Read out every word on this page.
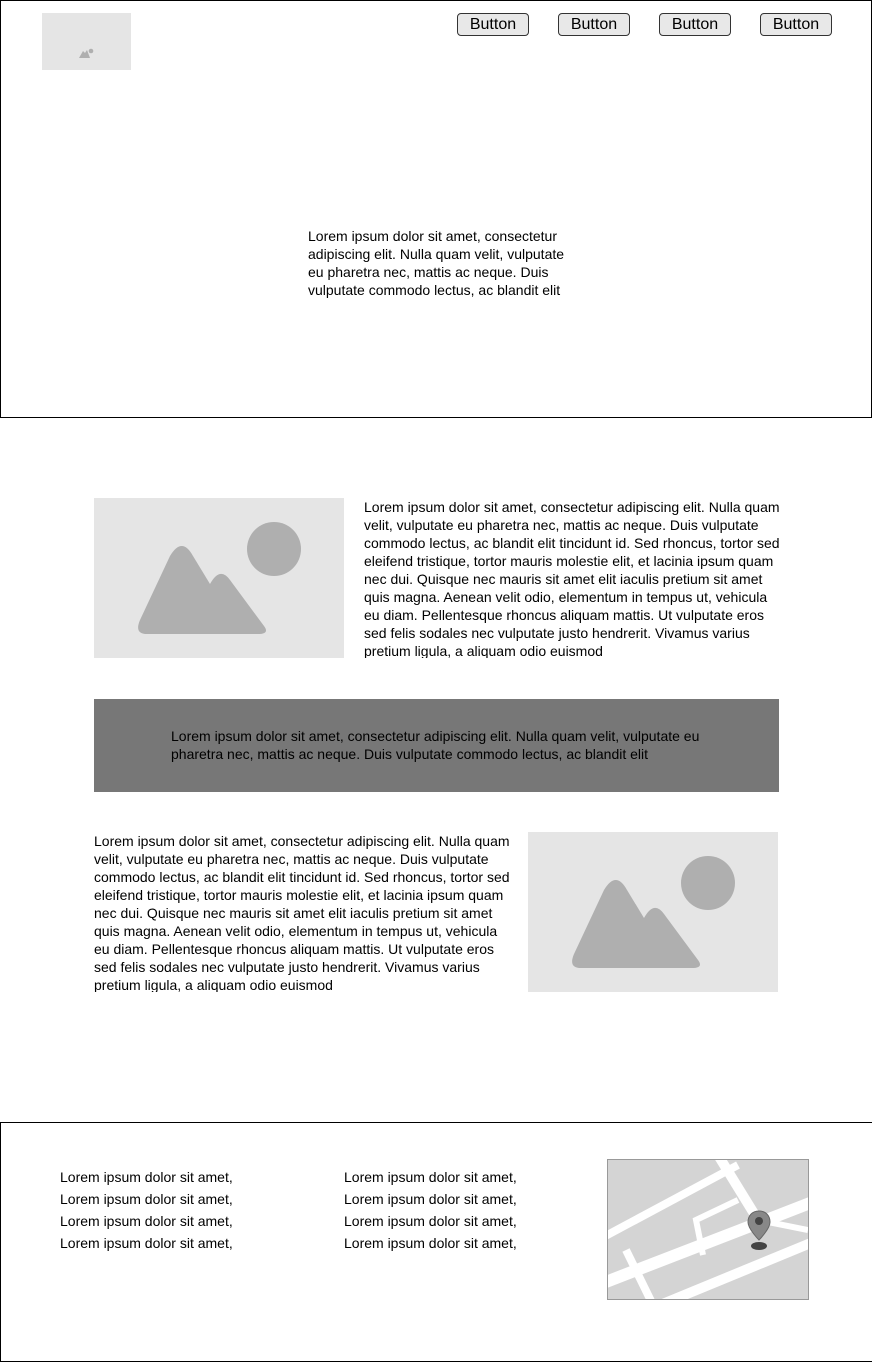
Button	Button	Button	Button
Lorem ipsum dolor sit amet, consectetur adipiscing elit. Nulla quam velit, vulputate eu pharetra nec, mattis ac neque. Duis vulputate commodo lectus, ac blandit elit
Lorem ipsum dolor sit amet, consectetur adipiscing elit. Nulla quam velit, vulputate eu pharetra nec, mattis ac neque. Duis vulputate commodo lectus, ac blandit elit tincidunt id. Sed rhoncus, tortor sed eleifend tristique, tortor mauris molestie elit, et lacinia ipsum quam nec dui. Quisque nec mauris sit amet elit iaculis pretium sit amet quis magna. Aenean velit odio, elementum in tempus ut, vehicula eu diam. Pellentesque rhoncus aliquam mattis. Ut vulputate eros sed felis sodales nec vulputate justo hendrerit. Vivamus varius pretium ligula, a aliquam odio euismod
Lorem ipsum dolor sit amet, consectetur adipiscing elit. Nulla quam velit, vulputate eu pharetra nec, mattis ac neque. Duis vulputate commodo lectus, ac blandit elit
Lorem ipsum dolor sit amet, consectetur adipiscing elit. Nulla quam velit, vulputate eu pharetra nec, mattis ac neque. Duis vulputate commodo lectus, ac blandit elit tincidunt id. Sed rhoncus, tortor sed eleifend tristique, tortor mauris molestie elit, et lacinia ipsum quam nec dui. Quisque nec mauris sit amet elit iaculis pretium sit amet quis magna. Aenean velit odio, elementum in tempus ut, vehicula eu diam. Pellentesque rhoncus aliquam mattis. Ut vulputate eros sed felis sodales nec vulputate justo hendrerit. Vivamus varius pretium ligula, a aliquam odio euismod
Lorem ipsum dolor sit amet,
Lorem ipsum dolor sit amet,
Lorem ipsum dolor sit amet,
Lorem ipsum dolor sit amet,
Lorem ipsum dolor sit amet,
Lorem ipsum dolor sit amet,
Lorem ipsum dolor sit amet,
Lorem ipsum dolor sit amet,
